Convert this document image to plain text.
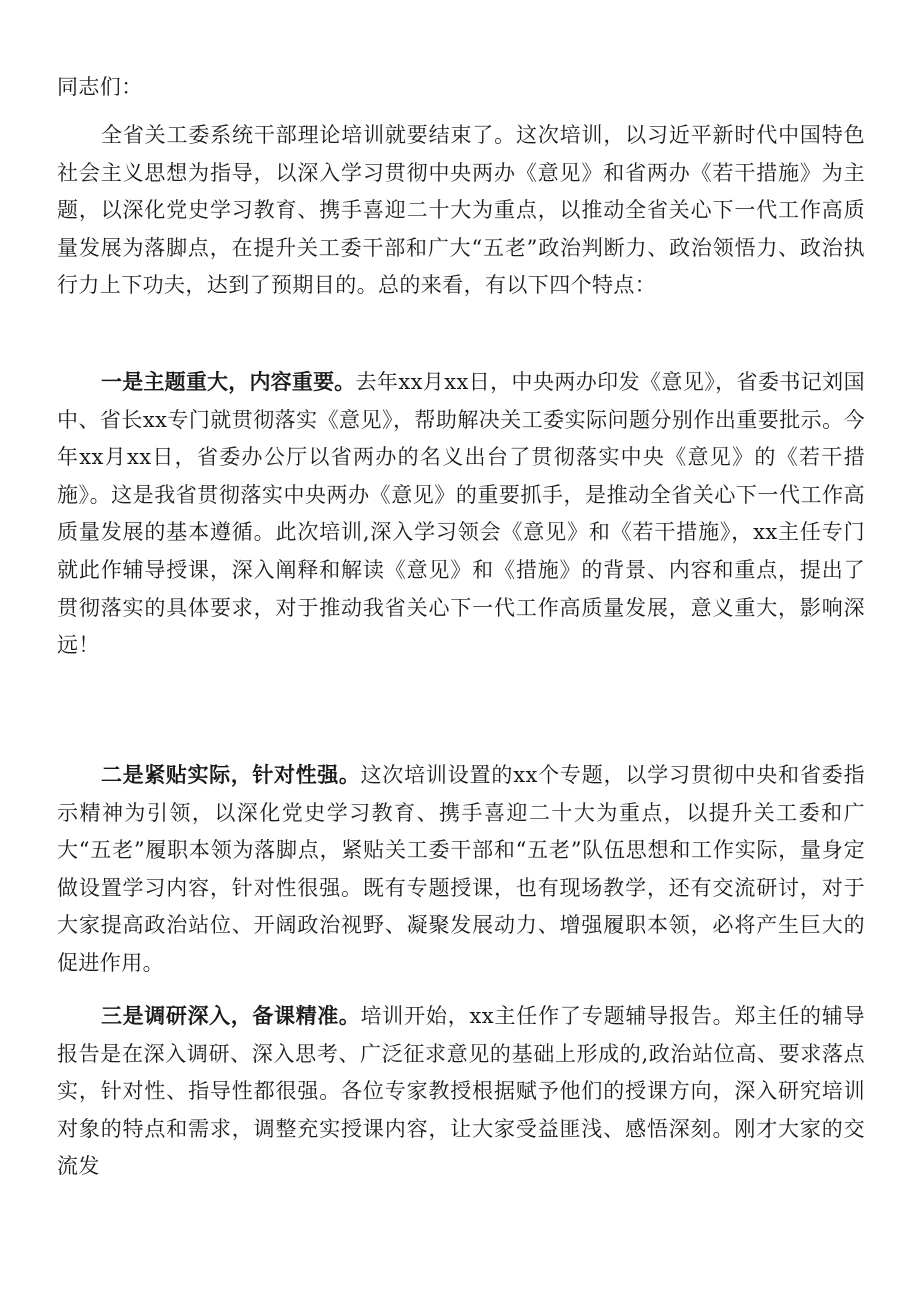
同志们：
全省关工委系统干部理论培训就要结束了。这次培训，以习近平新时代中国特色社会主义思想为指导，以深入学习贯彻中央两办《意见》和省两办《若干措施》为主题，以深化党史学习教育、携手喜迎二十大为重点，以推动全省关心下一代工作高质量发展为落脚点，在提升关工委干部和广大“五老”政治判断力、政治领悟力、政治执行力上下功夫，达到了预期目的。总的来看，有以下四个特点：
一是主题重大，内容重要。去年xx月xx日，中央两办印发《意见》，省委书记刘国中、省长xx专门就贯彻落实《意见》，帮助解决关工委实际问题分别作出重要批示。今年xx月xx日，省委办公厅以省两办的名义出台了贯彻落实中央《意见》的《若干措施》。这是我省贯彻落实中央两办《意见》的重要抓手，是推动全省关心下一代工作高质量发展的基本遵循。此次培训,深入学习领会《意见》和《若干措施》，xx主任专门就此作辅导授课，深入阐释和解读《意见》和《措施》的背景、内容和重点，提出了贯彻落实的具体要求，对于推动我省关心下一代工作高质量发展，意义重大，影响深远！
二是紧贴实际，针对性强。这次培训设置的xx个专题，以学习贯彻中央和省委指示精神为引领，以深化党史学习教育、携手喜迎二十大为重点，以提升关工委和广大“五老”履职本领为落脚点，紧贴关工委干部和“五老”队伍思想和工作实际，量身定做设置学习内容，针对性很强。既有专题授课，也有现场教学，还有交流研讨，对于大家提高政治站位、开阔政治视野、凝聚发展动力、增强履职本领，必将产生巨大的促进作用。
三是调研深入，备课精准。培训开始，xx主任作了专题辅导报告。郑主任的辅导报告是在深入调研、深入思考、广泛征求意见的基础上形成的,政治站位高、要求落点实，针对性、指导性都很强。各位专家教授根据赋予他们的授课方向，深入研究培训对象的特点和需求，调整充实授课内容，让大家受益匪浅、感悟深刻。刚才大家的交流发
